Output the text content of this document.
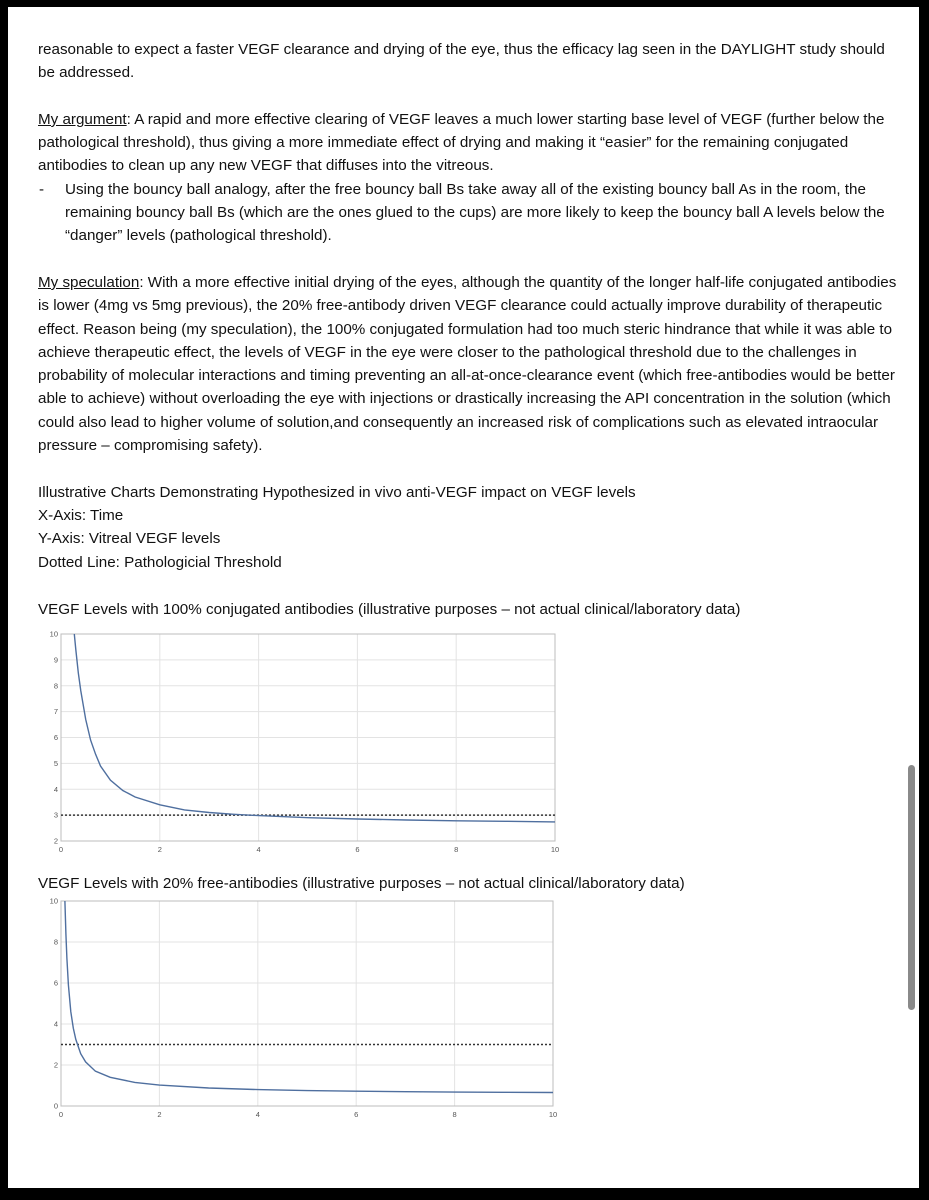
reasonable to expect a faster VEGF clearance and drying of the eye, thus the efficacy lag seen in the DAYLIGHT study should be addressed.

My argument: A rapid and more effective clearing of VEGF leaves a much lower starting base level of VEGF (further below the pathological threshold), thus giving a more immediate effect of drying and making it “easier” for the remaining conjugated antibodies to clean up any new VEGF that diffuses into the vitreous.

- Using the bouncy ball analogy, after the free bouncy ball Bs take away all of the existing bouncy ball As in the room, the remaining bouncy ball Bs (which are the ones glued to the cups) are more likely to keep the bouncy ball A levels below the “danger” levels (pathological threshold).

My speculation: With a more effective initial drying of the eyes, although the quantity of the longer half-life conjugated antibodies is lower (4mg vs 5mg previous), the 20% free-antibody driven VEGF clearance could actually improve durability of therapeutic effect. Reason being (my speculation), the 100% conjugated formulation had too much steric hindrance that while it was able to achieve therapeutic effect, the levels of VEGF in the eye were closer to the pathological threshold due to the challenges in probability of molecular interactions and timing preventing an all-at-once-clearance event (which free-antibodies would be better able to achieve) without overloading the eye with injections or drastically increasing the API concentration in the solution (which could also lead to higher volume of solution,and consequently an increased risk of complications such as elevated intraocular pressure – compromising safety).

Illustrative Charts Demonstrating Hypothesized in vivo anti-VEGF impact on VEGF levels

X-Axis: Time

Y-Axis: Vitreal VEGF levels

Dotted Line: Pathologicial Threshold

VEGF Levels with 100% conjugated antibodies (illustrative purposes – not actual clinical/laboratory data)
2
3
4
5
6
7
8
9
10
0	2	4	6	8	10
VEGF Levels with 20% free-antibodies (illustrative purposes – not actual clinical/laboratory data)
0
2
4
6
8
10
0	2	4	6	8	10
